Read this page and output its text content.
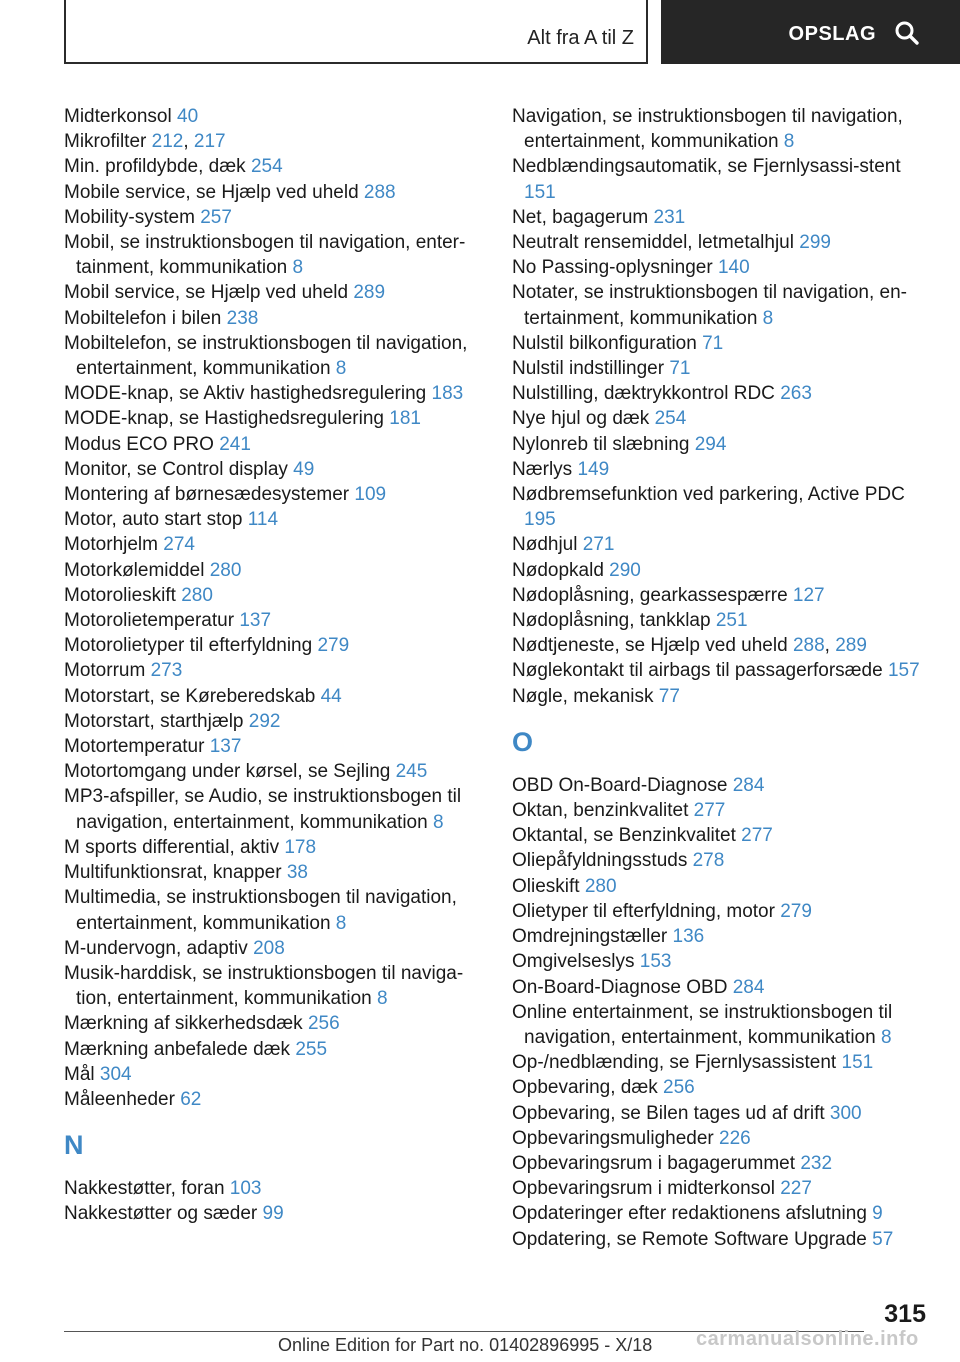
Alt fra A til Z	OPSLAG
Midterkonsol 40
Mikrofilter 212, 217
Min. profildybde, dæk 254
Mobile service, se Hjælp ved uheld 288
Mobility-system 257
Mobil, se instruktionsbogen til navigation, enter‐tainment, kommunikation 8
Mobil service, se Hjælp ved uheld 289
Mobiltelefon i bilen 238
Mobiltelefon, se instruktionsbogen til navigation, entertainment, kommunikation 8
MODE-knap, se Aktiv hastighedsregulering 183
MODE-knap, se Hastighedsregulering 181
Modus ECO PRO 241
Monitor, se Control display 49
Montering af børnesædesystemer 109
Motor, auto start stop 114
Motorhjelm 274
Motorkølemiddel 280
Motorolieskift 280
Motorolietemperatur 137
Motorolietyper til efterfyldning 279
Motorrum 273
Motorstart, se Køreberedskab 44
Motorstart, starthjælp 292
Motortemperatur 137
Motortomgang under kørsel, se Sejling 245
MP3-afspiller, se Audio, se instruktionsbogen til navigation, entertainment, kommunikation 8
M sports differential, aktiv 178
Multifunktionsrat, knapper 38
Multimedia, se instruktionsbogen til navigation, entertainment, kommunikation 8
M-undervogn, adaptiv 208
Musik-harddisk, se instruktionsbogen til naviga‐tion, entertainment, kommunikation 8
Mærkning af sikkerhedsdæk 256
Mærkning anbefalede dæk 255
Mål 304
Måleenheder 62
N
Nakkestøtter, foran 103
Nakkestøtter og sæder 99
Navigation, se instruktionsbogen til navigation, entertainment, kommunikation 8
Nedblændingsautomatik, se Fjernlysassi‐stent 151
Net, bagagerum 231
Neutralt rensemiddel, letmetalhjul 299
No Passing-oplysninger 140
Notater, se instruktionsbogen til navigation, en‐tertainment, kommunikation 8
Nulstil bilkonfiguration 71
Nulstil indstillinger 71
Nulstilling, dæktrykkontrol RDC 263
Nye hjul og dæk 254
Nylonreb til slæbning 294
Nærlys 149
Nødbremsefunktion ved parkering, Active PDC 195
Nødhjul 271
Nødopkald 290
Nødoplåsning, gearkassespærre 127
Nødoplåsning, tankklap 251
Nødtjeneste, se Hjælp ved uheld 288, 289
Nøglekontakt til airbags til passagerforsæde 157
Nøgle, mekanisk 77
O
OBD On-Board-Diagnose 284
Oktan, benzinkvalitet 277
Oktantal, se Benzinkvalitet 277
Oliepåfyldningsstuds 278
Olieskift 280
Olietyper til efterfyldning, motor 279
Omdrejningstæller 136
Omgivelseslys 153
On-Board-Diagnose OBD 284
Online entertainment, se instruktionsbogen til navigation, entertainment, kommunikation 8
Op-/nedblænding, se Fjernlysassistent 151
Opbevaring, dæk 256
Opbevaring, se Bilen tages ud af drift 300
Opbevaringsmuligheder 226
Opbevaringsrum i bagagerummet 232
Opbevaringsrum i midterkonsol 227
Opdateringer efter redaktionens afslutning 9
Opdatering, se Remote Software Upgrade 57
315
Online Edition for Part no. 01402896995 - X/18 carmanualsonline.info
